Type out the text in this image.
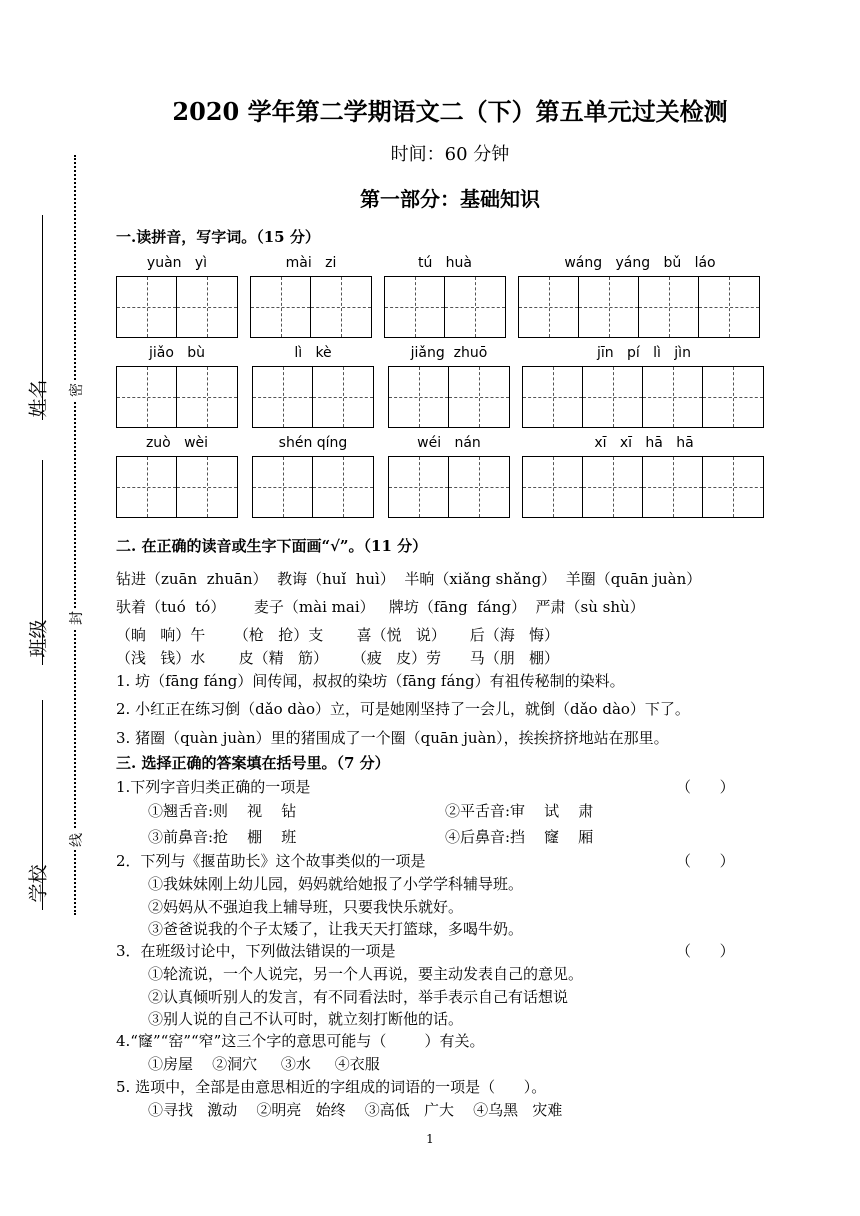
2020 学年第二学期语文二（下）第五单元过关检测
时间：60 分钟
第一部分：基础知识
姓名
班级
学校
密
封
线
一.读拼音，写字词。（15 分）
yuàn   yì	mài   zi	tú   huà	wáng   yáng   bǔ   láo
jiǎo   bù	lì   kè	jiǎng  zhuō	jīn   pí   lì   jìn
zuò   wèi	shén qíng	wéi   nán	xī   xī   hā   hā
二. 在正确的读音或生字下面画“√”。（11 分）
钻进（zuān  zhuān）  教诲（huǐ  huì）  半晌（xiǎng shǎng）  羊圈（quān juàn）
驮着（tuó  tó）      麦子（mài mai）   牌坊（fāng  fáng）  严肃（sù shù）
（晌   响）午      （枪   抢）支       喜（悦   说）     后（海   悔）
（浅   钱）水       皮（精   筋）     （疲   皮）劳      马（朋   棚）
1. 坊（fāng fáng）间传闻，叔叔的染坊（fāng fáng）有祖传秘制的染料。
2. 小红正在练习倒（dǎo dào）立，可是她刚坚持了一会儿，就倒（dǎo dào）下了。
3. 猪圈（quàn juàn）里的猪围成了一个圈（quān juàn），挨挨挤挤地站在那里。
三. 选择正确的答案填在括号里。（7 分）
1.下列字音归类正确的一项是	（      ）
①翘舌音:则    视    钻	②平舌音:审    试    肃
③前鼻音:抢    棚    班	④后鼻音:挡    窿    厢
2．下列与《揠苗助长》这个故事类似的一项是	（      ）
①我妹妹刚上幼儿园，妈妈就给她报了小学学科辅导班。
②妈妈从不强迫我上辅导班，只要我快乐就好。
③爸爸说我的个子太矮了，让我天天打篮球，多喝牛奶。
3．在班级讨论中，下列做法错误的一项是	（      ）
①轮流说，一个人说完，另一个人再说，要主动发表自己的意见。
②认真倾听别人的发言，有不同看法时，举手表示自己有话想说
③别人说的自己不认可时，就立刻打断他的话。
4.“窿”“窑”“窄”这三个字的意思可能与（        ）有关。
①房屋    ②洞穴     ③水     ④衣服
5. 选项中，全部是由意思相近的字组成的词语的一项是（      ）。
①寻找   激动    ②明亮   始终    ③高低   广大    ④乌黑   灾难
1
